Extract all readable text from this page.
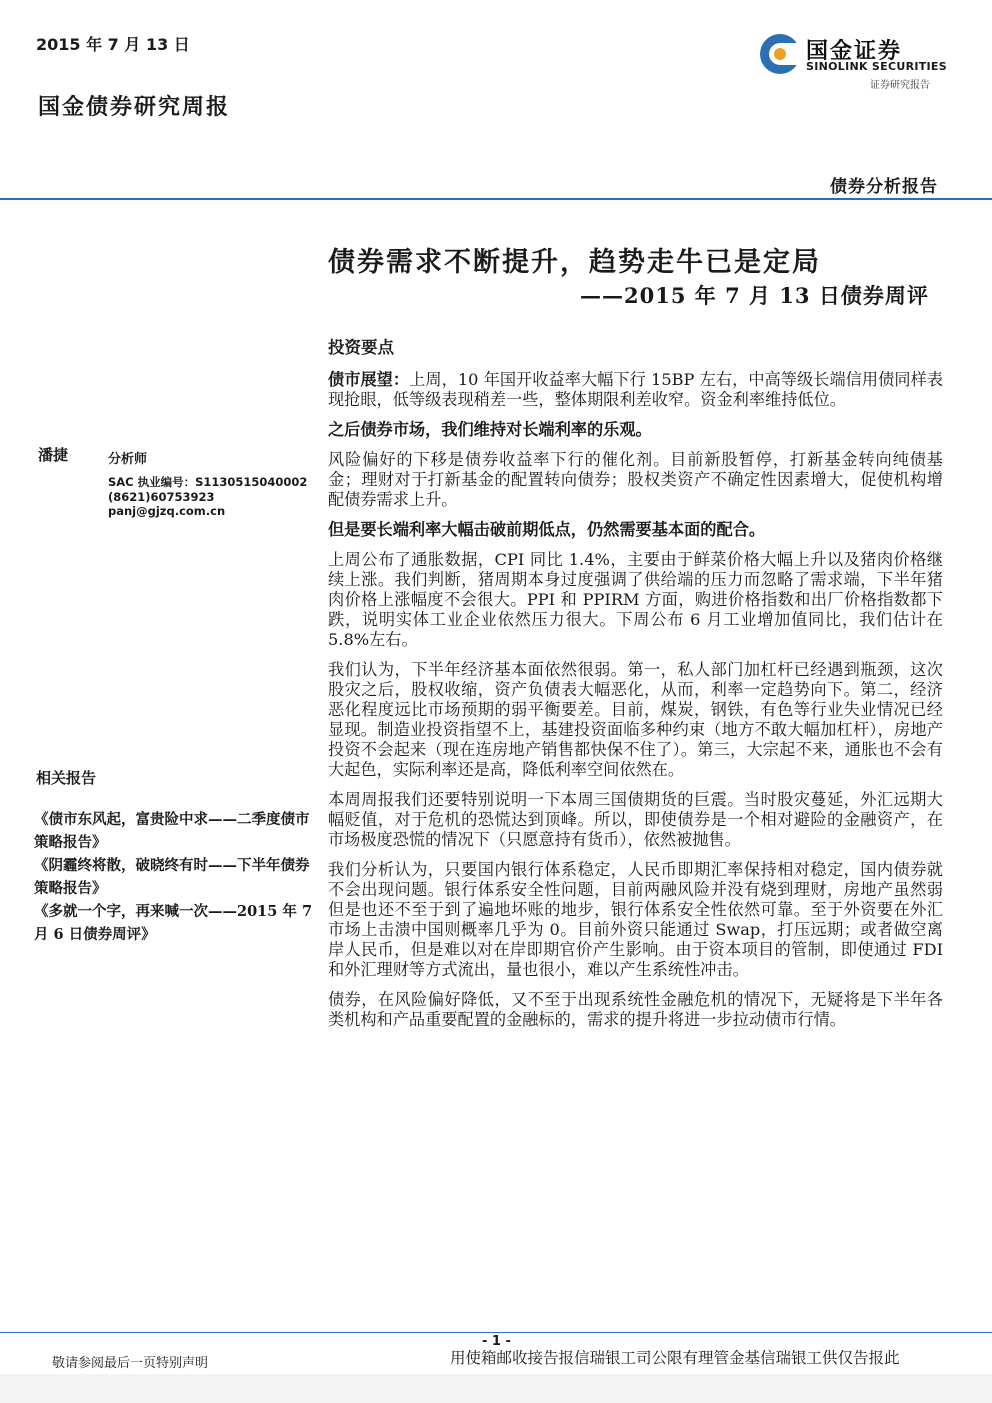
2015 年 7 月 13 日
国金债券研究周报
国金证券
SINOLINK SECURITIES
证券研究报告
债券分析报告
债券需求不断提升，趋势走牛已是定局
——2015 年 7 月 13 日债券周评
潘捷	分析师
SAC 执业编号：S1130515040002
(8621)60753923
panj@gjzq.com.cn
相关报告
《债市东风起，富贵险中求——二季度债市策略报告》
《阴霾终将散，破晓终有时——下半年债券策略报告》
《多就一个字，再来喊一次——2015 年 7 月 6 日债券周评》

投资要点

债市展望：上周，10 年国开收益率大幅下行 15BP 左右，中高等级长端信用债同样表现抢眼，低等级表现稍差一些，整体期限利差收窄。资金利率维持低位。

之后债券市场，我们维持对长端利率的乐观。

风险偏好的下移是债券收益率下行的催化剂。目前新股暂停，打新基金转向纯债基金；理财对于打新基金的配置转向债券；股权类资产不确定性因素增大，促使机构增配债券需求上升。

但是要长端利率大幅击破前期低点，仍然需要基本面的配合。

上周公布了通胀数据，CPI 同比 1.4%，主要由于鲜菜价格大幅上升以及猪肉价格继续上涨。我们判断，猪周期本身过度强调了供给端的压力而忽略了需求端，下半年猪肉价格上涨幅度不会很大。PPI 和 PPIRM 方面，购进价格指数和出厂价格指数都下跌，说明实体工业企业依然压力很大。下周公布 6 月工业增加值同比，我们估计在 5.8%左右。

我们认为，下半年经济基本面依然很弱。第一，私人部门加杠杆已经遇到瓶颈，这次股灾之后，股权收缩，资产负债表大幅恶化，从而，利率一定趋势向下。第二，经济恶化程度远比市场预期的弱平衡要差。目前，煤炭，钢铁，有色等行业失业情况已经显现。制造业投资指望不上，基建投资面临多种约束（地方不敢大幅加杠杆），房地产投资不会起来（现在连房地产销售都快保不住了）。第三，大宗起不来，通胀也不会有大起色，实际利率还是高，降低利率空间依然在。

本周周报我们还要特别说明一下本周三国债期货的巨震。当时股灾蔓延，外汇远期大幅贬值，对于危机的恐慌达到顶峰。所以，即使债券是一个相对避险的金融资产，在市场极度恐慌的情况下（只愿意持有货币），依然被抛售。

我们分析认为，只要国内银行体系稳定，人民币即期汇率保持相对稳定，国内债券就不会出现问题。银行体系安全性问题，目前两融风险并没有烧到理财，房地产虽然弱但是也还不至于到了遍地坏账的地步，银行体系安全性依然可靠。至于外资要在外汇市场上击溃中国则概率几乎为 0。目前外资只能通过 Swap，打压远期；或者做空离岸人民币，但是难以对在岸即期官价产生影响。由于资本项目的管制，即使通过 FDI 和外汇理财等方式流出，量也很小，难以产生系统性冲击。

债券，在风险偏好降低，又不至于出现系统性金融危机的情况下，无疑将是下半年各类机构和产品重要配置的金融标的，需求的提升将进一步拉动债市行情。

- 1 -
敬请参阅最后一页特别声明	用使箱邮收接告报信瑞银工司公限有理管金基信瑞银工供仅告报此
